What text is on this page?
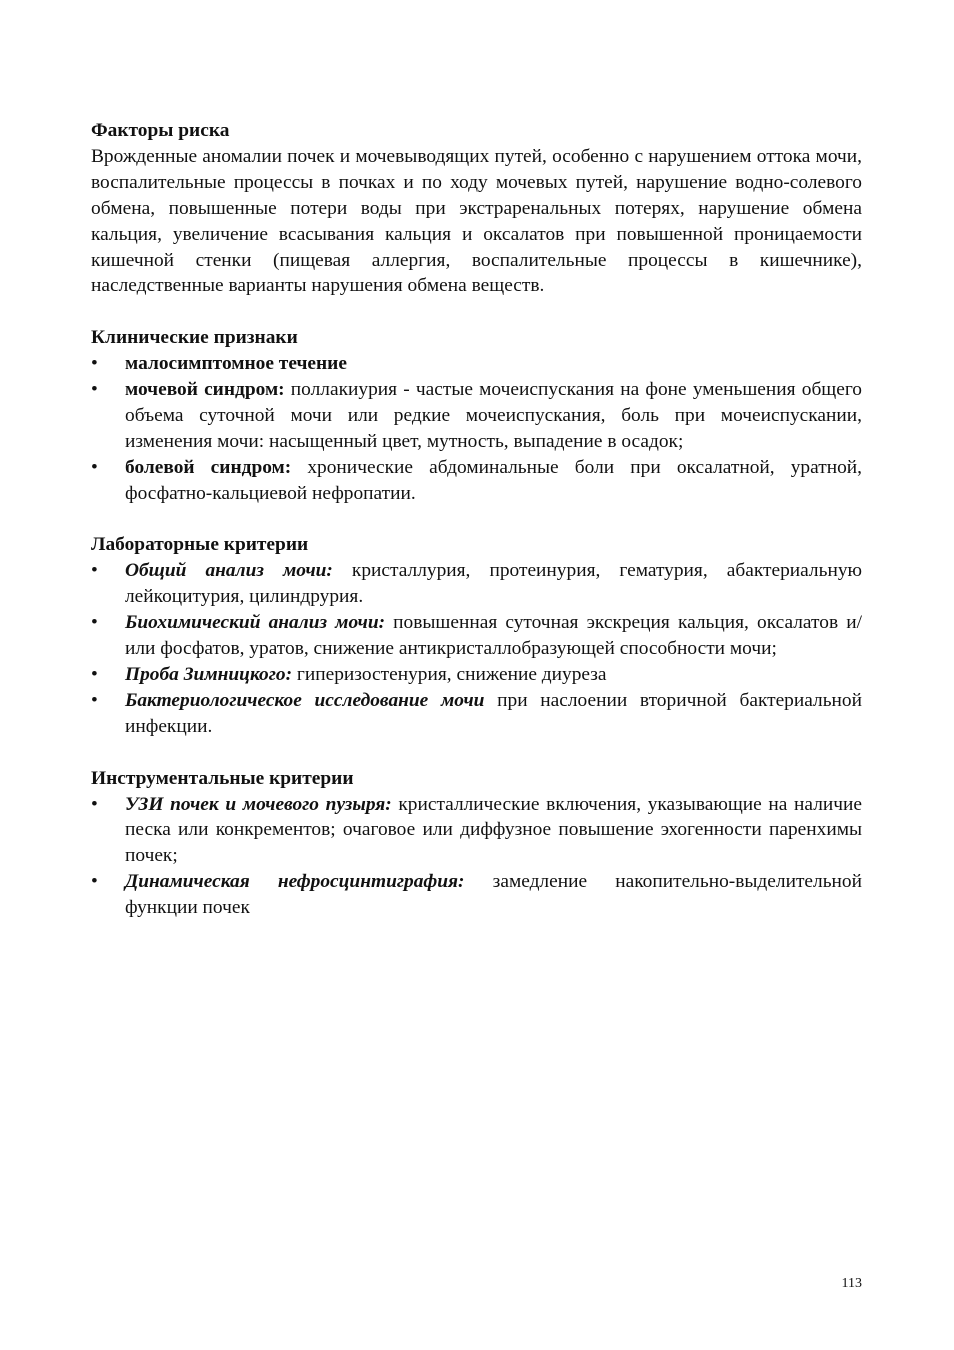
Факторы риска

Врожденные аномалии почек и мочевыводящих путей, особенно с нарушением оттока мочи, воспалительные процессы в почках и по ходу мочевых путей, нарушение водно-солевого обмена, повышенные потери воды при экстраренальных потерях, нарушение обмена кальция, увеличение всасывания кальция и оксалатов при повышенной проницаемости кишечной стенки (пищевая аллергия, воспалительные процессы в кишечнике), наследственные варианты нарушения обмена веществ.

Клинические признаки

•	малосимптомное течение
•	мочевой синдром: поллакиурия - частые мочеиспускания на фоне уменьшения общего объема суточной мочи или редкие мочеиспускания, боль при мочеиспускании, изменения мочи: насыщенный цвет, мутность, выпадение в осадок;
•	болевой синдром: хронические абдоминальные боли при оксалатной, уратной, фосфатно-кальциевой нефропатии.

Лабораторные критерии

•	Общий анализ мочи: кристаллурия, протеинурия, гематурия, абактериальную лейкоцитурия, цилиндрурия.
•	Биохимический анализ мочи: повышенная суточная экскреция кальция, оксалатов и/или фосфатов, уратов, снижение антикристаллобразующей способности мочи;
•	Проба Зимницкого: гиперизостенурия, снижение диуреза
•	Бактериологическое исследование мочи при наслоении вторичной бактериальной инфекции.

Инструментальные критерии

•	УЗИ почек и мочевого пузыря: кристаллические включения, указывающие на наличие песка или конкрементов; очаговое или диффузное повышение эхогенности паренхимы почек;
•	Динамическая нефросцинтиграфия: замедление накопительно-выделительной функции почек
113
